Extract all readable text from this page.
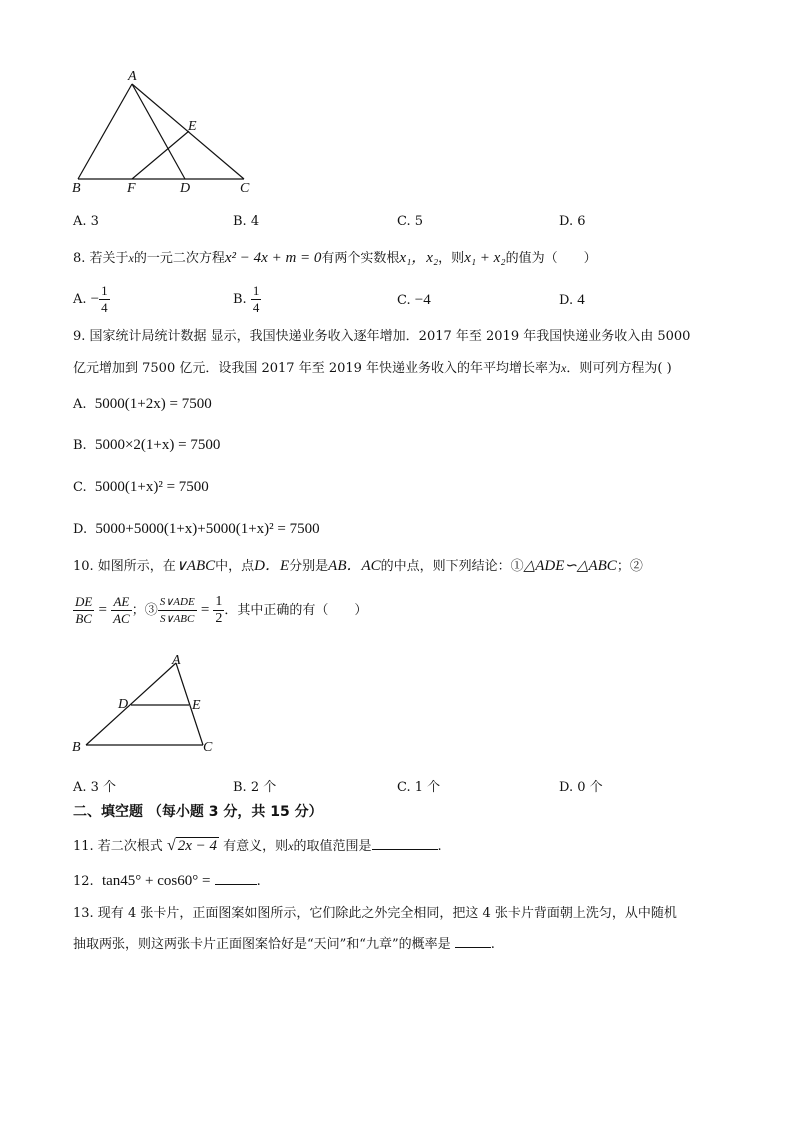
A
E
B	F	D	C
A. 3	B. 4	C. 5	D. 6
8. 若关于x的一元二次方程x² − 4x + m = 0有两个实数根x₁，x₂，则x₁ + x₂的值为（　　）
A. − $\frac{1}{4}$	B. $\frac{1}{4}$	C. −4	D. 4
9. 国家统计局统计数据 显示，我国快递业务收入逐年增加．2017 年至 2019 年我国快递业务收入由 5000
亿元增加到 7500 亿元．设我国 2017 年至 2019 年快递业务收入的年平均增长率为x．则可列方程为( )
A. 5000(1+2x) = 7500
B. 5000×2(1+x) = 7500
C. 5000(1+x)² = 7500
D. 5000+5000(1+x)+5000(1+x)² = 7500
10. 如图所示，在∨ABC中，点D．E分别是AB．AC的中点，则下列结论：①△ADE∽△ABC；②
$\frac{DE}{BC} = \frac{AE}{AC}$ ；③ $\frac{\text{S∨ADE}}{\text{S∨ABC}} = \frac{1}{2}$ ．其中正确的有（　　）
A
D	E
B	C
A. 3 个	B. 2 个	C. 1 个	D. 0 个
二、填空题 （每小题 3 分，共 15 分）
11. 若二次根式 √ 2x − 4 有意义，则x的取值范围是	.
12. tan45° + cos60° =	.
13. 现有 4 张卡片，正面图案如图所示，它们除此之外完全相同，把这 4 张卡片背面朝上洗匀，从中随机
抽取两张，则这两张卡片正面图案恰好是“天问”和“九章”的概率是	.
